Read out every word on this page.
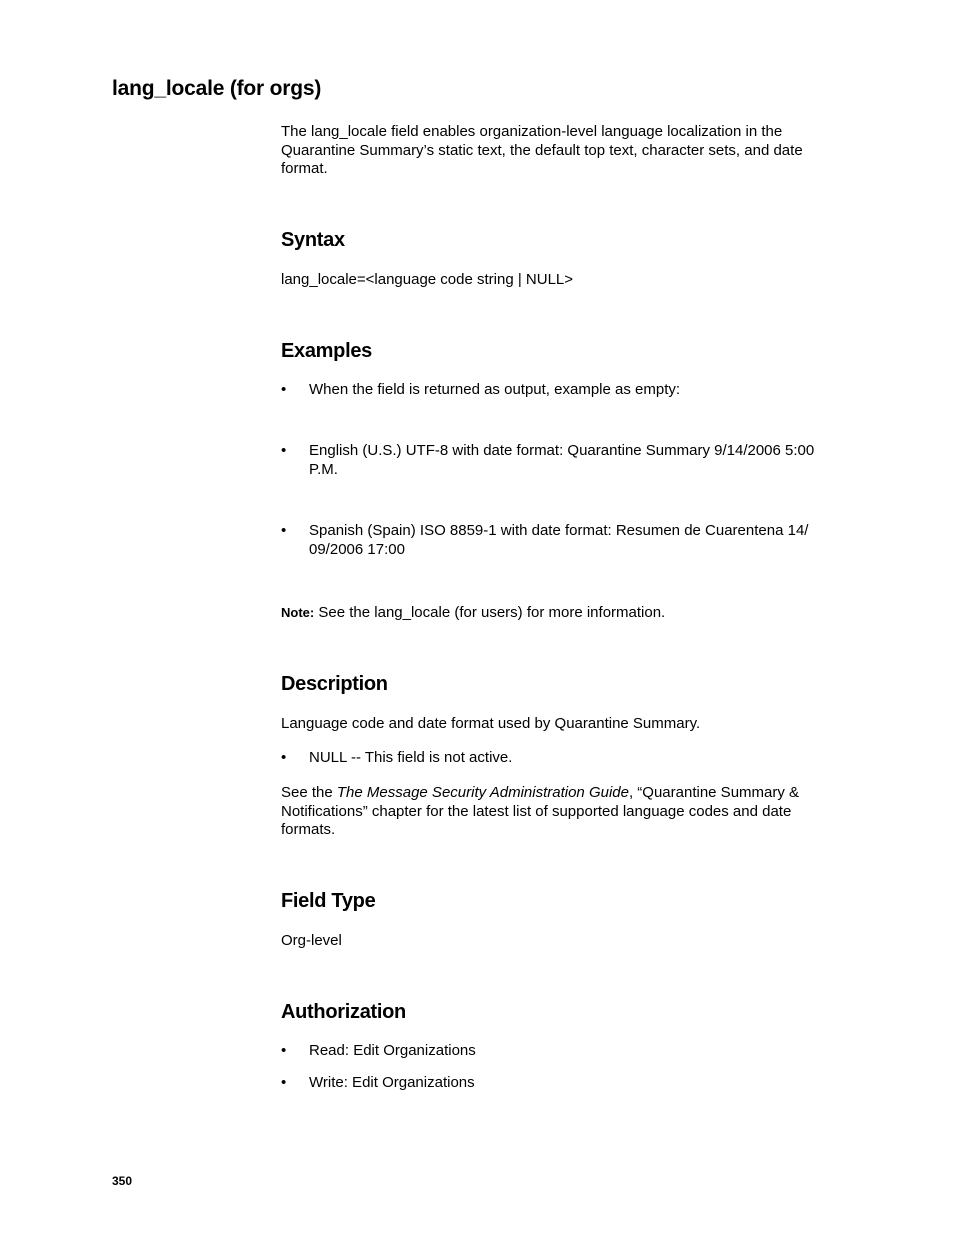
lang_locale (for orgs)

The lang_locale field enables organization-level language localization in the Quarantine Summary’s static text, the default top text, character sets, and date format.

Syntax

lang_locale=<language code string | NULL>

Examples
• When the field is returned as output, example as empty:
• English (U.S.) UTF-8 with date format: Quarantine Summary 9/14/2006 5:00 P.M.
• Spanish (Spain) ISO 8859-1 with date format: Resumen de Cuarentena 14/ 09/2006 17:00

Note: See the lang_locale (for users) for more information.

Description

Language code and date format used by Quarantine Summary.

• NULL -- This field is not active.

See the The Message Security Administration Guide, “Quarantine Summary & Notifications” chapter for the latest list of supported language codes and date formats.

Field Type

Org-level

Authorization
• Read: Edit Organizations
• Write: Edit Organizations
350
